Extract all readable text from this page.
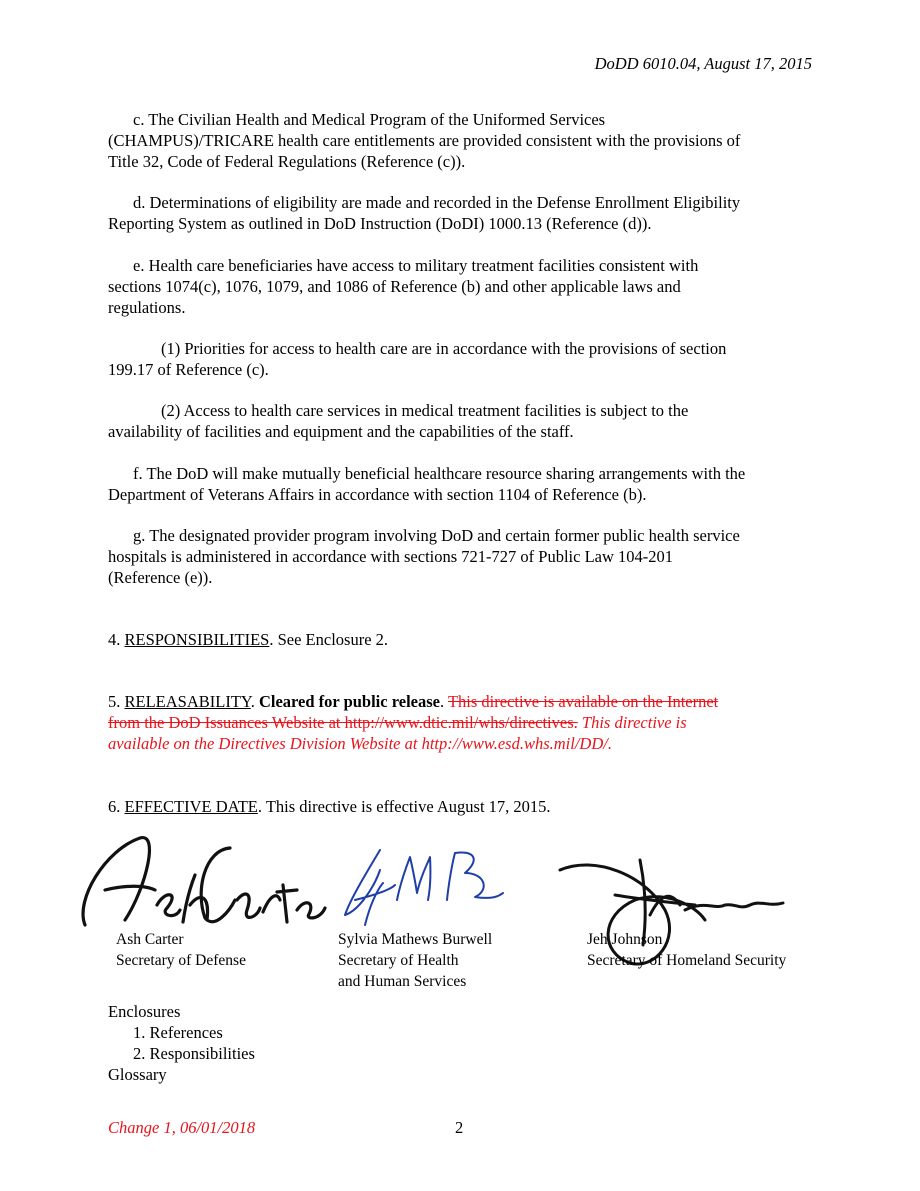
DoDD 6010.04, August 17, 2015
c. The Civilian Health and Medical Program of the Uniformed Services
(CHAMPUS)/TRICARE health care entitlements are provided consistent with the provisions of
Title 32, Code of Federal Regulations (Reference (c)).
d. Determinations of eligibility are made and recorded in the Defense Enrollment Eligibility
Reporting System as outlined in DoD Instruction (DoDI) 1000.13 (Reference (d)).
e. Health care beneficiaries have access to military treatment facilities consistent with
sections 1074(c), 1076, 1079, and 1086 of Reference (b) and other applicable laws and
regulations.
(1) Priorities for access to health care are in accordance with the provisions of section
199.17 of Reference (c).
(2) Access to health care services in medical treatment facilities is subject to the
availability of facilities and equipment and the capabilities of the staff.
f. The DoD will make mutually beneficial healthcare resource sharing arrangements with the
Department of Veterans Affairs in accordance with section 1104 of Reference (b).
g. The designated provider program involving DoD and certain former public health service
hospitals is administered in accordance with sections 721-727 of Public Law 104-201
(Reference (e)).
4. RESPONSIBILITIES. See Enclosure 2.
5. RELEASABILITY. Cleared for public release. This directive is available on the Internet
from the DoD Issuances Website at http://www.dtic.mil/whs/directives. This directive is
available on the Directives Division Website at http://www.esd.whs.mil/DD/.
6. EFFECTIVE DATE. This directive is effective August 17, 2015.
Ash Carter
Secretary of Defense
Sylvia Mathews Burwell
Secretary of Health
and Human Services
Jeh Johnson
Secretary of Homeland Security
Enclosures
1. References
2. Responsibilities
Glossary
Change 1, 06/01/2018	2
